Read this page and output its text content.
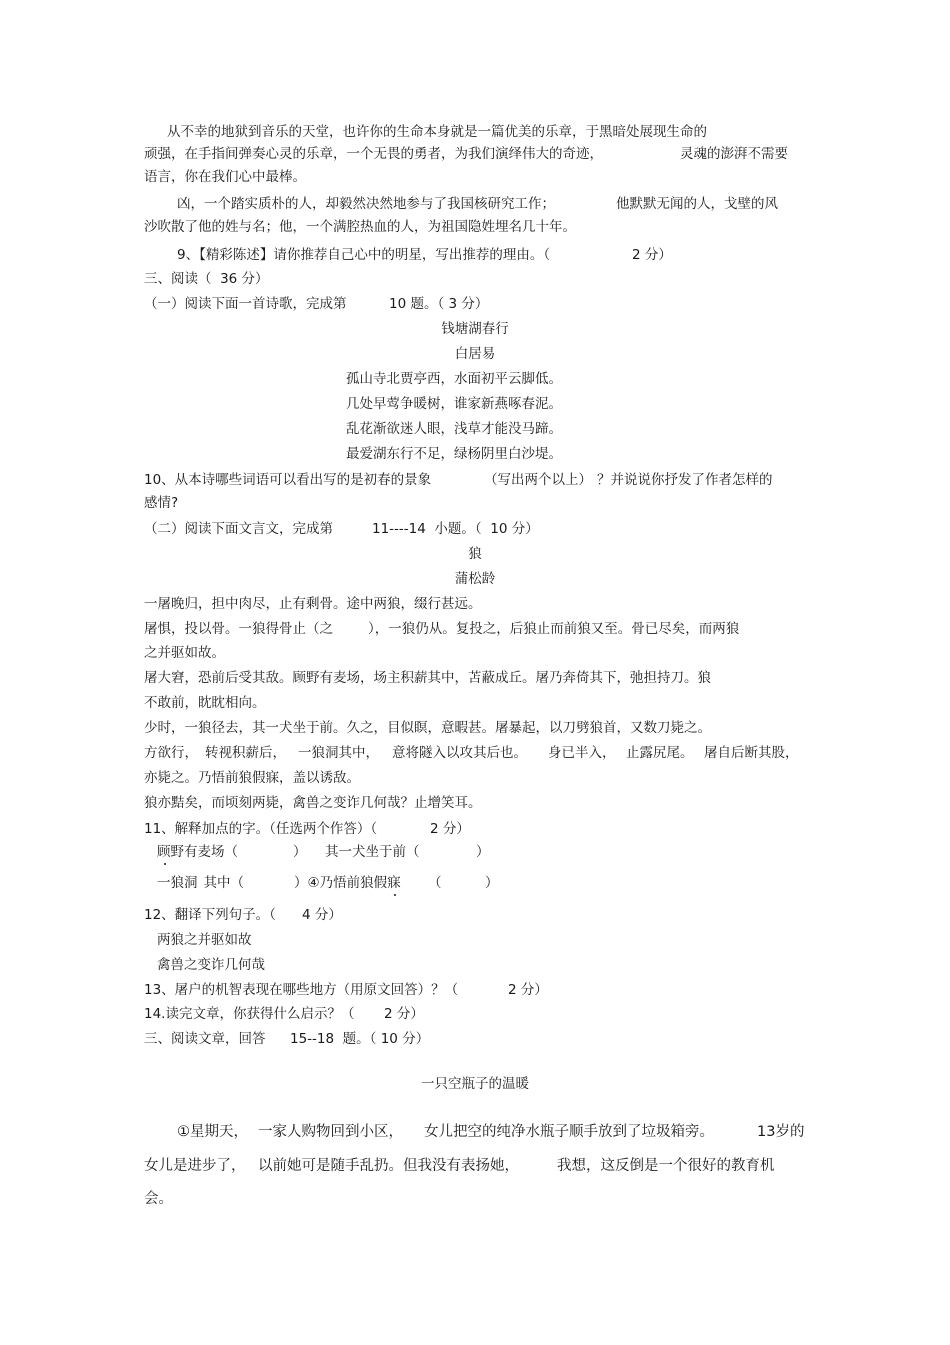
从不幸的地狱到音乐的天堂，也许你的生命本身就是一篇优美的乐章，于黑暗处展现生命的
顽强，在手指间弹奏心灵的乐章，一个无畏的勇者，为我们演绎伟大的奇迹，	灵魂的澎湃不需要
语言，你在我们心中最棒。
凶，一个踏实质朴的人，却毅然决然地参与了我国核研究工作；	他默默无闻的人，戈壁的风
沙吹散了他的姓与名；他，一个满腔热血的人，为祖国隐姓埋名几十年。
9、【精彩陈述】请你推荐自己心中的明星，写出推荐的理由。（	2 分）
三、阅读（  36 分）
（一）阅读下面一首诗歌，完成第	10 题。（ 3 分）
钱塘湖春行
白居易
孤山寺北贾亭西，水面初平云脚低。
几处早莺争暖树，谁家新燕啄春泥。
乱花渐欲迷人眼，浅草才能没马蹄。
最爱湖东行不足，绿杨阴里白沙堤。
10、从本诗哪些词语可以看出写的是初春的景象	（写出两个以上） ？并说说你抒发了作者怎样的
感情?
（二）阅读下面文言文，完成第	11----14  小题。（  10 分）
狼
蒲松龄
一屠晚归，担中肉尽，止有剩骨。途中两狼，缀行甚远。
屠惧，投以骨。一狼得骨止（之	），一狼仍从。复投之，后狼止而前狼又至。骨已尽矣，而两狼
之并驱如故。
屠大窘，恐前后受其敌。顾野有麦场，场主积薪其中，苫蔽成丘。屠乃奔倚其下，弛担持刀。狼
不敢前，眈眈相向。
少时，一狼径去，其一犬坐于前。久之，目似瞑，意暇甚。屠暴起，以刀劈狼首，又数刀毙之。
方欲行， 转视积薪后， 一狼洞其中， 意将隧入以攻其后也。 身已半入， 止露尻尾。 屠自后断其股，
亦毙之。乃悟前狼假寐，盖以诱敌。
狼亦黠矣，而顷刻两毙，禽兽之变诈几何哉？止增笑耳。
11、解释加点的字。（任选两个作答）（	2 分）
顾野有麦场（	） 其一犬坐于前（	）
一狼洞 其中（	）④乃悟前狼假寐 （	）
12、翻译下列句子。（ 4 分）
两狼之并驱如故
禽兽之变诈几何哉
13、屠户的机智表现在哪些地方（用原文回答）？（	2 分）
14.读完文章，你获得什么启示？（ 2 分）
三、阅读文章，回答 15--18  题。（ 10 分）
一只空瓶子的温暖
①星期天， 一家人购物回到小区， 女儿把空的纯净水瓶子顺手放到了垃圾箱旁。	13岁的
女儿是进步了， 以前她可是随手乱扔。但我没有表扬她，	我想，这反倒是一个很好的教育机
会。
